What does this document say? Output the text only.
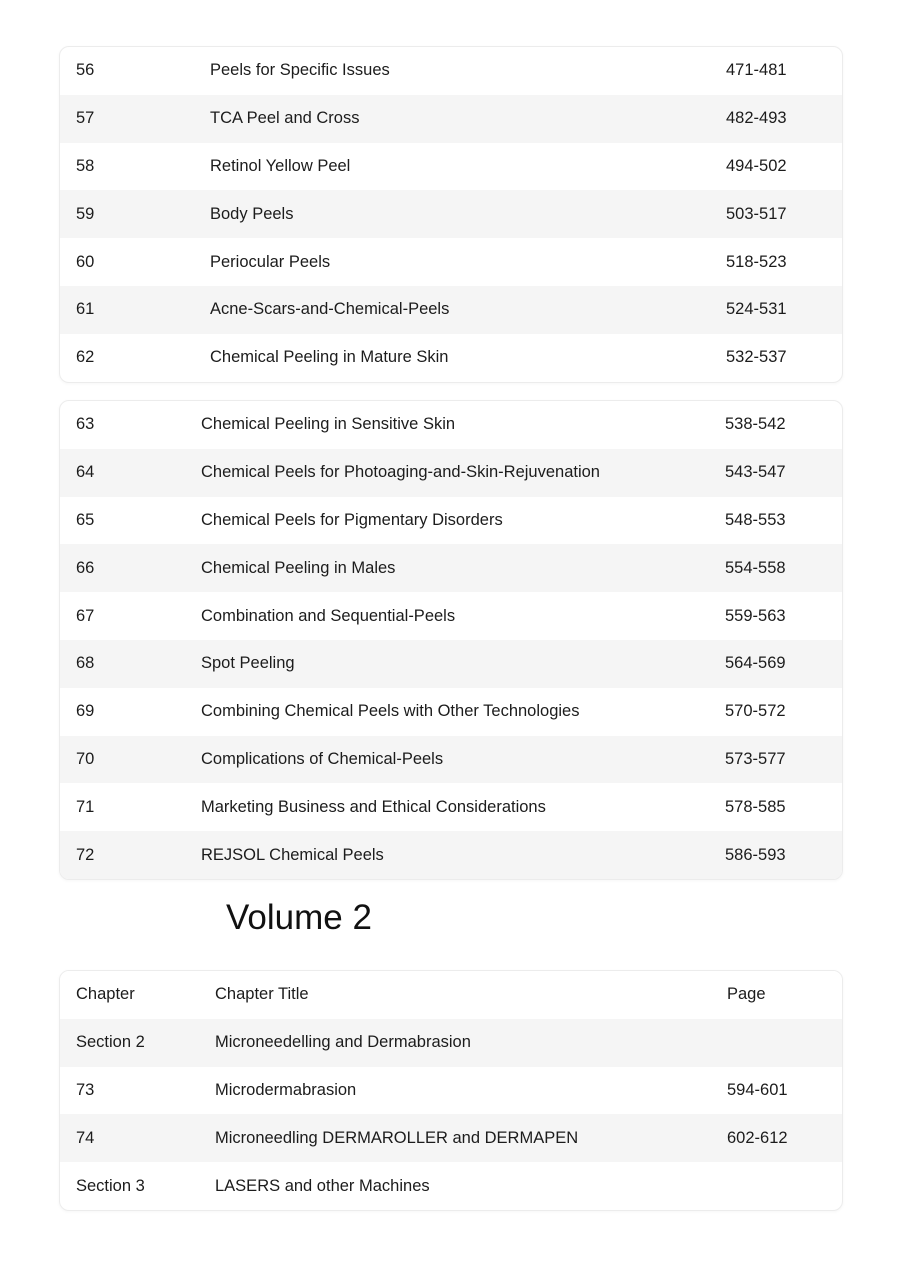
56	Peels for Specific Issues	471-481
57	TCA Peel and Cross	482-493
58	Retinol Yellow Peel	494-502
59	Body Peels	503-517
60	Periocular Peels	518-523
61	Acne-Scars-and-Chemical-Peels	524-531
62	Chemical Peeling in Mature Skin	532-537
63	Chemical Peeling in Sensitive Skin	538-542
64	Chemical Peels for Photoaging-and-Skin-Rejuvenation	543-547
65	Chemical Peels for Pigmentary Disorders	548-553
66	Chemical Peeling in Males	554-558
67	Combination and Sequential-Peels	559-563
68	Spot Peeling	564-569
69	Combining Chemical Peels with Other Technologies	570-572
70	Complications of Chemical-Peels	573-577
71	Marketing Business and Ethical Considerations	578-585
72	REJSOL Chemical Peels	586-593
Volume 2
Chapter	Chapter Title	Page
Section 2	Microneedelling and Dermabrasion
73	Microdermabrasion	594-601
74	Microneedling DERMAROLLER and DERMAPEN	602-612
Section 3	LASERS and other Machines
